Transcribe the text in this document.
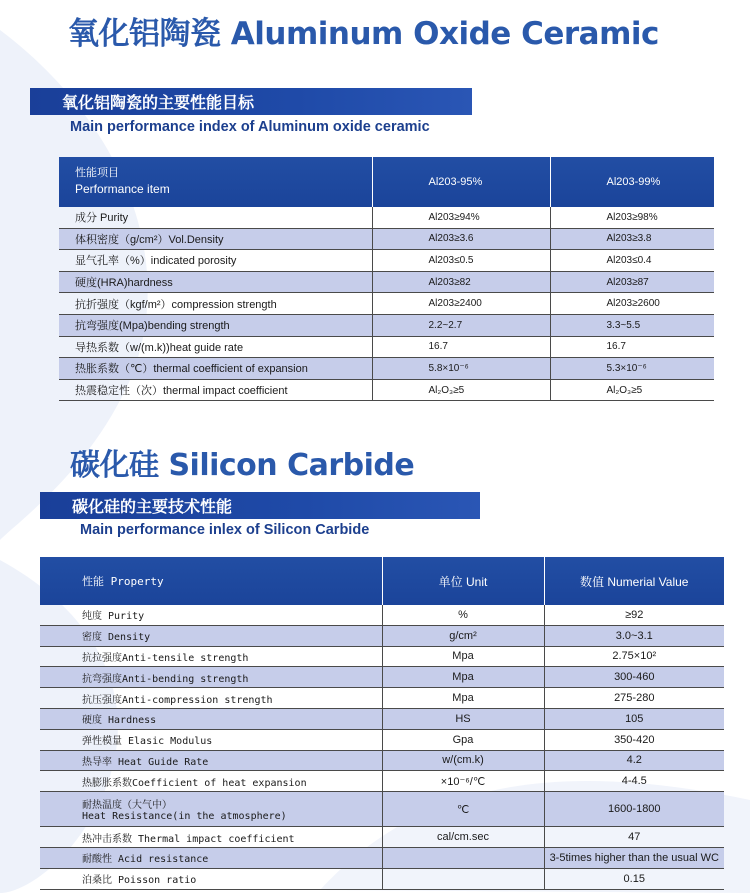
氧化铝陶瓷 Aluminum Oxide Ceramic
氧化铝陶瓷的主要性能目标
Main performance index of Aluminum oxide ceramic
性能项目
Performance item	Al203-95%	Al203-99%
成分 Purity	Al203≥94%	Al203≥98%
体积密度（g/cm²）Vol.Density	Al203≥3.6	Al203≥3.8
显气孔率（%）indicated porosity	Al203≤0.5	Al203≤0.4
硬度(HRA)hardness	Al203≥82	Al203≥87
抗折强度（kgf/m²）compression strength	Al203≥2400	Al203≥2600
抗弯强度(Mpa)bending strength	2.2~2.7	3.3~5.5
导热系数（w/(m.k))heat guide rate	16.7	16.7
热胀系数（℃）thermal coefficient of expansion	5.8×10⁻⁶	5.3×10⁻⁶
热震稳定性（次）thermal impact coefficient	Al₂O₃≥5	Al₂O₃≥5
碳化硅 Silicon Carbide
碳化硅的主要技术性能
Main performance inlex of Silicon Carbide
性能 Property	单位 Unit	数值 Numerial Value
纯度 Purity	%	≥92
密度 Density	g/cm²	3.0~3.1
抗拉强度Anti-tensile strength	Mpa	2.75×10²
抗弯强度Anti-bending strength	Mpa	300-460
抗压强度Anti-compression strength	Mpa	275-280
硬度 Hardness	HS	105
弹性模量 Elasic Modulus	Gpa	350-420
热导率 Heat Guide Rate	w/(cm.k)	4.2
热膨胀系数Coefficient of heat expansion	×10⁻⁶/℃	4-4.5

耐热温度（大气中）
Heat Resistance(in the atmosphere)	℃	1600-1800
热冲击系数 Thermal impact coefficient	cal/cm.sec	47
耐酸性 Acid resistance		3-5times higher than the usual WC
泊桑比 Poisson ratio		0.15
